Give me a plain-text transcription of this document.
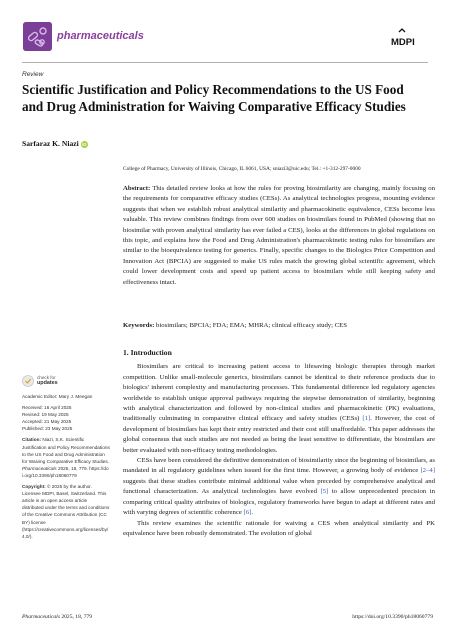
pharmaceuticals
MDPI
Review
Scientific Justification and Policy Recommendations to the US Food and Drug Administration for Waiving Comparative Efficacy Studies
Sarfaraz K. Niazi iD
College of Pharmacy, University of Illinois, Chicago, IL 6061, USA; sniazi3@uic.edu; Tel.: +1-312-297-0000
Abstract: This detailed review looks at how the rules for proving biosimilarity are changing, mainly focusing on the requirements for comparative efficacy studies (CESs). As analytical technologies progress, mounting evidence suggests that when we establish robust analytical similarity and pharmacokinetic equivalence, CESs become less valuable. This review combines findings from over 600 studies on biosimilars found in PubMed (showing that no biosimilar with proven analytical similarity has ever failed a CES), looks at the differences in global regulations on this topic, and explains how the Food and Drug Administration's pharmacokinetic testing rules for biosimilars are similar to the bioequivalence testing for generics. Finally, specific changes to the Biologics Price Competition and Innovation Act (BPCIA) are suggested to make US rules match the growing global scientific agreement, which could lower development costs and speed up patient access to biosimilars while still keeping safety and effectiveness intact.
Keywords: biosimilars; BPCIA; FDA; EMA; MHRA; clinical efficacy study; CES
check for
updates
Academic Editor: Mary J. Meegan
Received: 16 April 2025
Revised: 19 May 2025
Accepted: 21 May 2025
Published: 23 May 2025
Citation: Niazi, S.K. Scientific Justification and Policy Recommendations to the US Food and Drug Administration for Waiving Comparative Efficacy Studies. Pharmaceuticals 2025, 18, 779. https://doi.org/10.3390/ph18060779
Copyright: © 2025 by the author. Licensee MDPI, Basel, Switzerland. This article is an open access article distributed under the terms and conditions of the Creative Commons Attribution (CC BY) license (https://creativecommons.org/licenses/by/4.0/).
1. Introduction

Biosimilars are critical to increasing patient access to lifesaving biologic therapies through market competition. Unlike small-molecule generics, biosimilars cannot be identical to their reference products due to biologics' inherent complexity and manufacturing processes. This fundamental difference led regulatory agencies worldwide to establish unique approval pathways requiring the stepwise demonstration of similarity, beginning with analytical characterization and followed by non-clinical studies and pharmacokinetic (PK) evaluations, traditionally culminating in comparative clinical efficacy and safety studies (CESs) [1]. However, the cost of development of biosimilars has kept their entry restricted and their cost still unaffordable. This paper addresses the global consensus that such studies are not needed as being the least sensitive to differentiate, the biosimilars are better evaluated with non-efficacy testing methodologies.

CESs have been considered the definitive demonstration of biosimilarity since the beginning of biosimilars, as mandated in all regulatory guidelines when issued for the first time. However, a growing body of evidence [2–4] suggests that these studies contribute minimal additional value when preceded by comprehensive analytical and functional characterization. As analytical technologies have evolved [5] to allow unprecedented precision in comparing critical quality attributes of biologics, regulatory frameworks have begun to adapt at different rates and with varying degrees of scientific coherence [6].

This review examines the scientific rationale for waiving a CES when analytical similarity and PK equivalence have been robustly demonstrated. The evolution of global

Pharmaceuticals 2025, 18, 779	https://doi.org/10.3390/ph18060779
